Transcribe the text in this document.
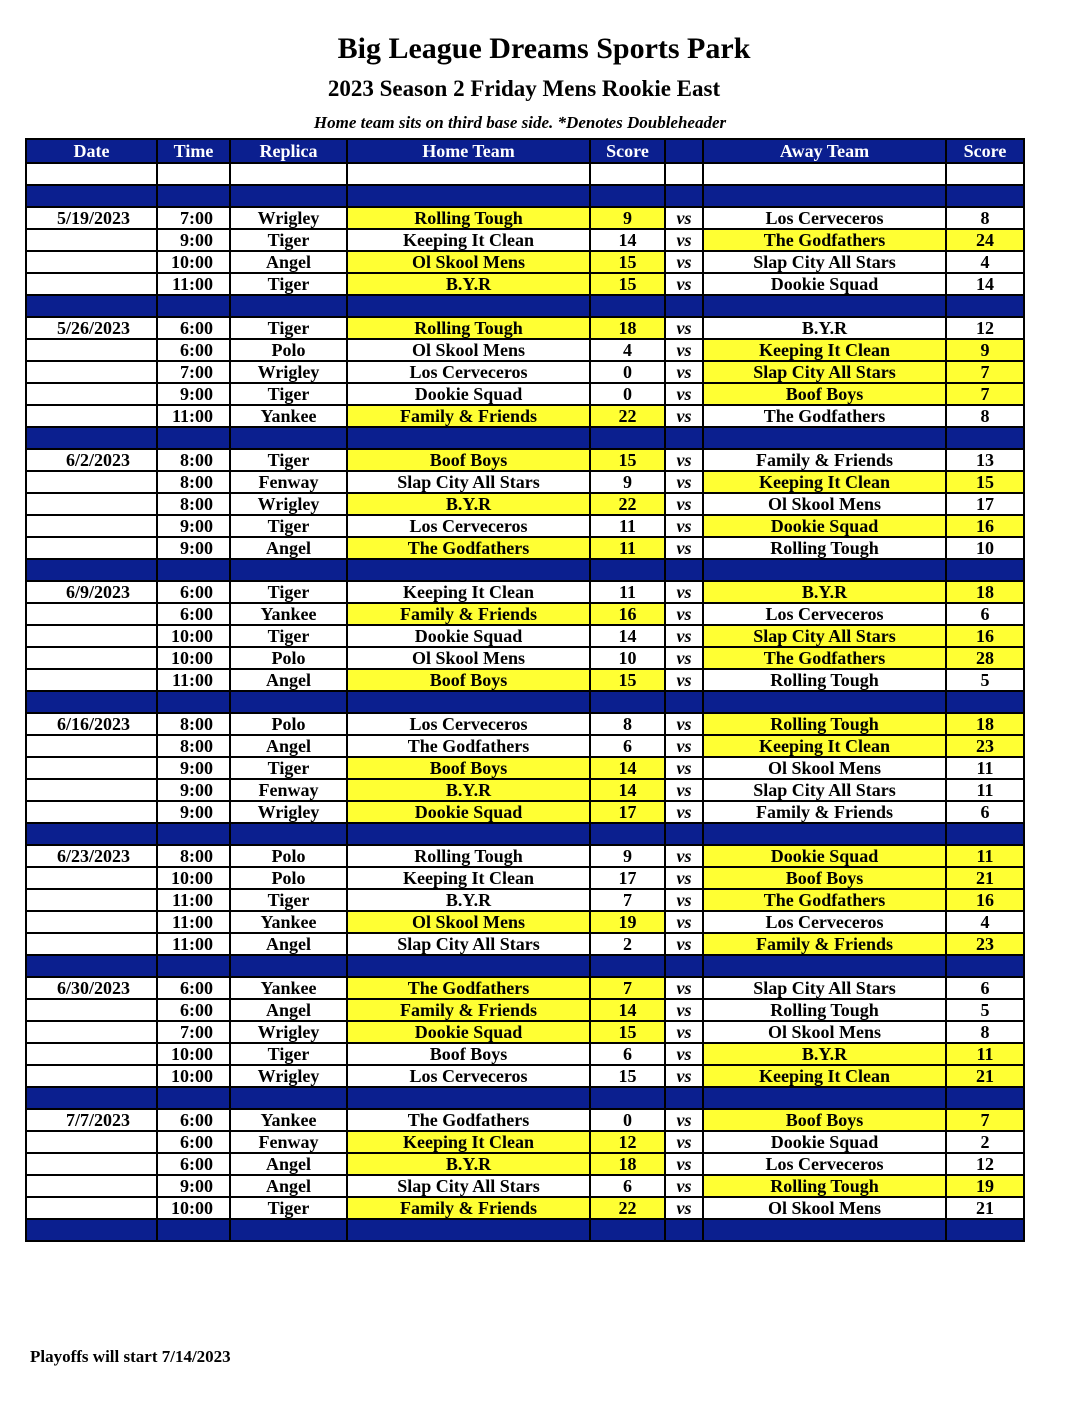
Big League Dreams Sports Park
2023 Season 2 Friday Mens Rookie East
Home team sits on third base side. *Denotes Doubleheader
Date	Time	Replica	Home Team	Score		Away Team	Score

5/19/2023	7:00	Wrigley	Rolling Tough	9	vs	Los Cerveceros	8
	9:00	Tiger	Keeping It Clean	14	vs	The Godfathers	24
	10:00	Angel	Ol Skool Mens	15	vs	Slap City All Stars	4
	11:00	Tiger	B.Y.R	15	vs	Dookie Squad	14

5/26/2023	6:00	Tiger	Rolling Tough	18	vs	B.Y.R	12
	6:00	Polo	Ol Skool Mens	4	vs	Keeping It Clean	9
	7:00	Wrigley	Los Cerveceros	0	vs	Slap City All Stars	7
	9:00	Tiger	Dookie Squad	0	vs	Boof Boys	7
	11:00	Yankee	Family & Friends	22	vs	The Godfathers	8

6/2/2023	8:00	Tiger	Boof Boys	15	vs	Family & Friends	13
	8:00	Fenway	Slap City All Stars	9	vs	Keeping It Clean	15
	8:00	Wrigley	B.Y.R	22	vs	Ol Skool Mens	17
	9:00	Tiger	Los Cerveceros	11	vs	Dookie Squad	16
	9:00	Angel	The Godfathers	11	vs	Rolling Tough	10

6/9/2023	6:00	Tiger	Keeping It Clean	11	vs	B.Y.R	18
	6:00	Yankee	Family & Friends	16	vs	Los Cerveceros	6
	10:00	Tiger	Dookie Squad	14	vs	Slap City All Stars	16
	10:00	Polo	Ol Skool Mens	10	vs	The Godfathers	28
	11:00	Angel	Boof Boys	15	vs	Rolling Tough	5

6/16/2023	8:00	Polo	Los Cerveceros	8	vs	Rolling Tough	18
	8:00	Angel	The Godfathers	6	vs	Keeping It Clean	23
	9:00	Tiger	Boof Boys	14	vs	Ol Skool Mens	11
	9:00	Fenway	B.Y.R	14	vs	Slap City All Stars	11
	9:00	Wrigley	Dookie Squad	17	vs	Family & Friends	6

6/23/2023	8:00	Polo	Rolling Tough	9	vs	Dookie Squad	11
	10:00	Polo	Keeping It Clean	17	vs	Boof Boys	21
	11:00	Tiger	B.Y.R	7	vs	The Godfathers	16
	11:00	Yankee	Ol Skool Mens	19	vs	Los Cerveceros	4
	11:00	Angel	Slap City All Stars	2	vs	Family & Friends	23

6/30/2023	6:00	Yankee	The Godfathers	7	vs	Slap City All Stars	6
	6:00	Angel	Family & Friends	14	vs	Rolling Tough	5
	7:00	Wrigley	Dookie Squad	15	vs	Ol Skool Mens	8
	10:00	Tiger	Boof Boys	6	vs	B.Y.R	11
	10:00	Wrigley	Los Cerveceros	15	vs	Keeping It Clean	21

7/7/2023	6:00	Yankee	The Godfathers	0	vs	Boof Boys	7
	6:00	Fenway	Keeping It Clean	12	vs	Dookie Squad	2
	6:00	Angel	B.Y.R	18	vs	Los Cerveceros	12
	9:00	Angel	Slap City All Stars	6	vs	Rolling Tough	19
	10:00	Tiger	Family & Friends	22	vs	Ol Skool Mens	21

Playoffs will start 7/14/2023
